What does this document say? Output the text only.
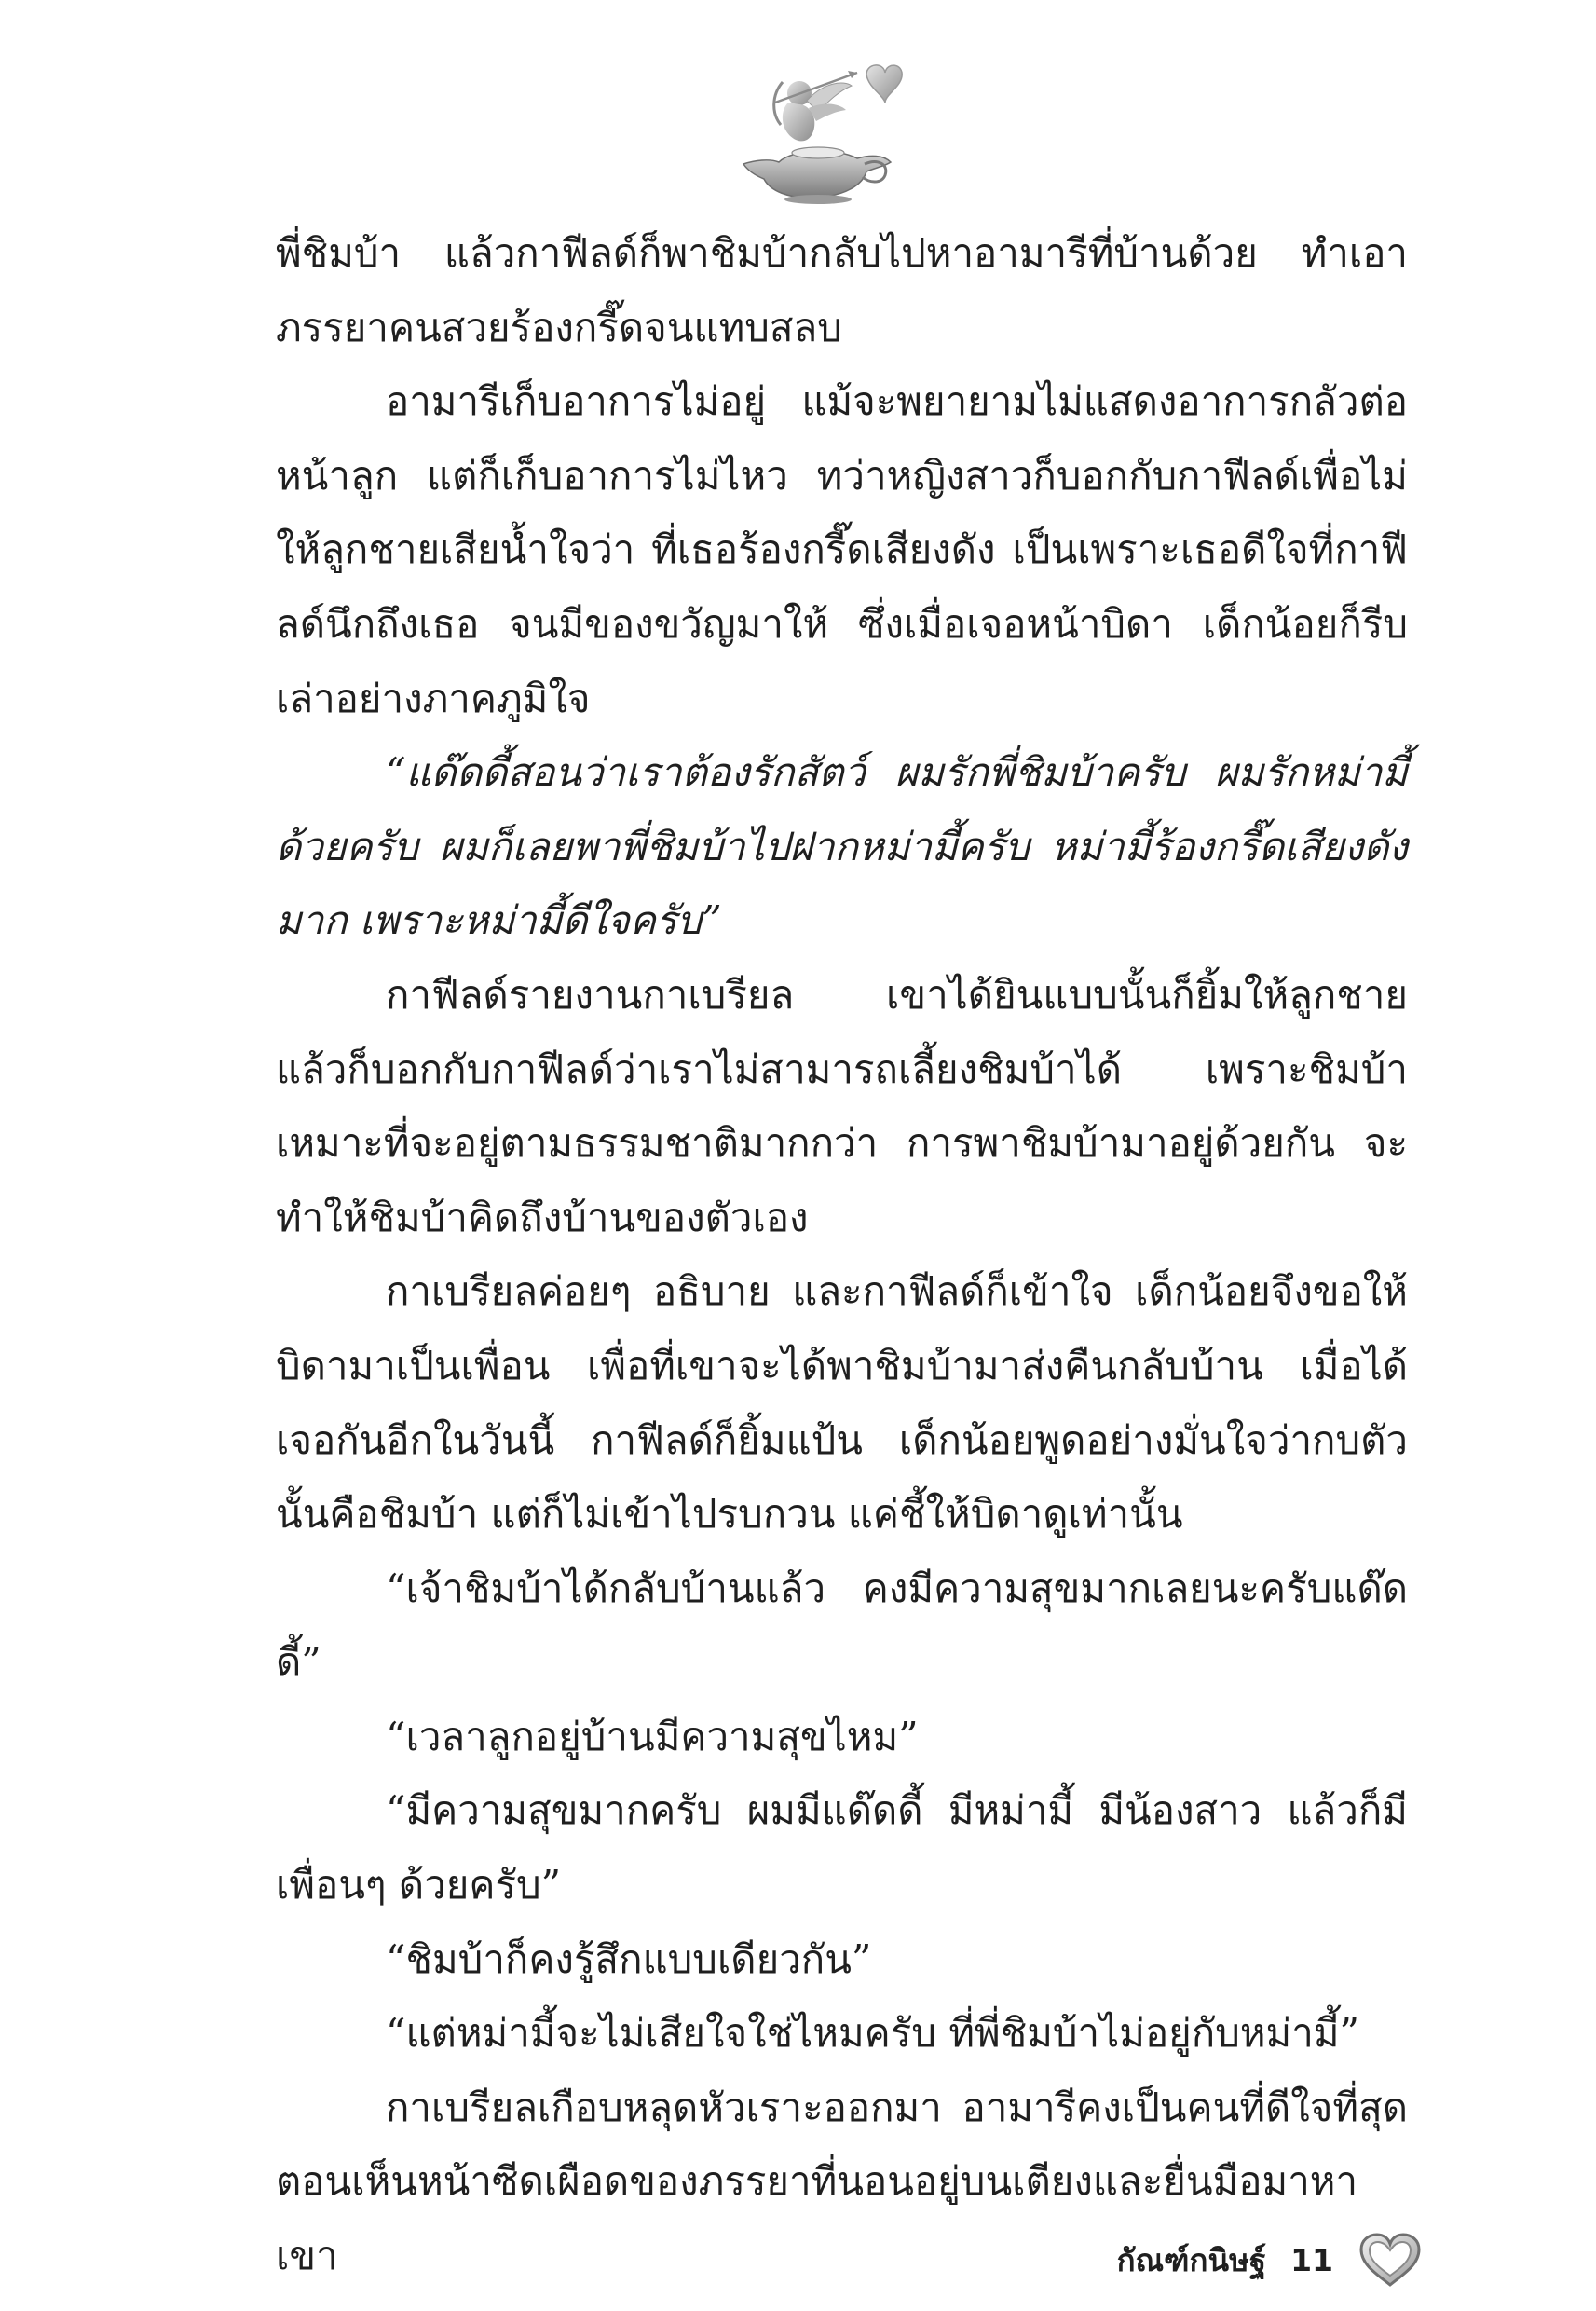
พี่ชิมบ้า แล้วกาฟีลด์ก็พาชิมบ้ากลับไปหาอามารีที่บ้านด้วย ทำเอาภรรยาคนสวยร้องกรี๊ดจนแทบสลบ

อามารีเก็บอาการไม่อยู่ แม้จะพยายามไม่แสดงอาการกลัวต่อหน้าลูก แต่ก็เก็บอาการไม่ไหว ทว่าหญิงสาวก็บอกกับกาฟีลด์เพื่อไม่ให้ลูกชายเสียน้ำใจว่า ที่เธอร้องกรี๊ดเสียงดัง เป็นเพราะเธอดีใจที่กาฟีลด์นึกถึงเธอ จนมีของขวัญมาให้ ซึ่งเมื่อเจอหน้าบิดา เด็กน้อยก็รีบเล่าอย่างภาคภูมิใจ

“แด๊ดดี้สอนว่าเราต้องรักสัตว์ ผมรักพี่ชิมบ้าครับ ผมรักหม่ามี้ด้วยครับ ผมก็เลยพาพี่ชิมบ้าไปฝากหม่ามี้ครับ หม่ามี้ร้องกรี๊ดเสียงดังมาก เพราะหม่ามี้ดีใจครับ”

กาฟีลด์รายงานกาเบรียล เขาได้ยินแบบนั้นก็ยิ้มให้ลูกชาย แล้วก็บอกกับกาฟีลด์ว่าเราไม่สามารถเลี้ยงชิมบ้าได้ เพราะชิมบ้าเหมาะที่จะอยู่ตามธรรมชาติมากกว่า การพาชิมบ้ามาอยู่ด้วยกัน จะทำให้ชิมบ้าคิดถึงบ้านของตัวเอง

กาเบรียลค่อยๆ อธิบาย และกาฟีลด์ก็เข้าใจ เด็กน้อยจึงขอให้บิดามาเป็นเพื่อน เพื่อที่เขาจะได้พาชิมบ้ามาส่งคืนกลับบ้าน เมื่อได้เจอกันอีกในวันนี้ กาฟีลด์ก็ยิ้มแป้น เด็กน้อยพูดอย่างมั่นใจว่ากบตัวนั้นคือชิมบ้า แต่ก็ไม่เข้าไปรบกวน แค่ชี้ให้บิดาดูเท่านั้น

“เจ้าชิมบ้าได้กลับบ้านแล้ว คงมีความสุขมากเลยนะครับแด๊ดดี้”

“เวลาลูกอยู่บ้านมีความสุขไหม”

“มีความสุขมากครับ ผมมีแด๊ดดี้ มีหม่ามี้ มีน้องสาว แล้วก็มีเพื่อนๆ ด้วยครับ”

“ชิมบ้าก็คงรู้สึกแบบเดียวกัน”

“แต่หม่ามี้จะไม่เสียใจใช่ไหมครับ ที่พี่ชิมบ้าไม่อยู่กับหม่ามี้”

กาเบรียลเกือบหลุดหัวเราะออกมา อามารีคงเป็นคนที่ดีใจที่สุดตอนเห็นหน้าซีดเผือดของภรรยาที่นอนอยู่บนเตียงและยื่นมือมาหาเขา	กัณฑ์กนิษฐ์ 11
